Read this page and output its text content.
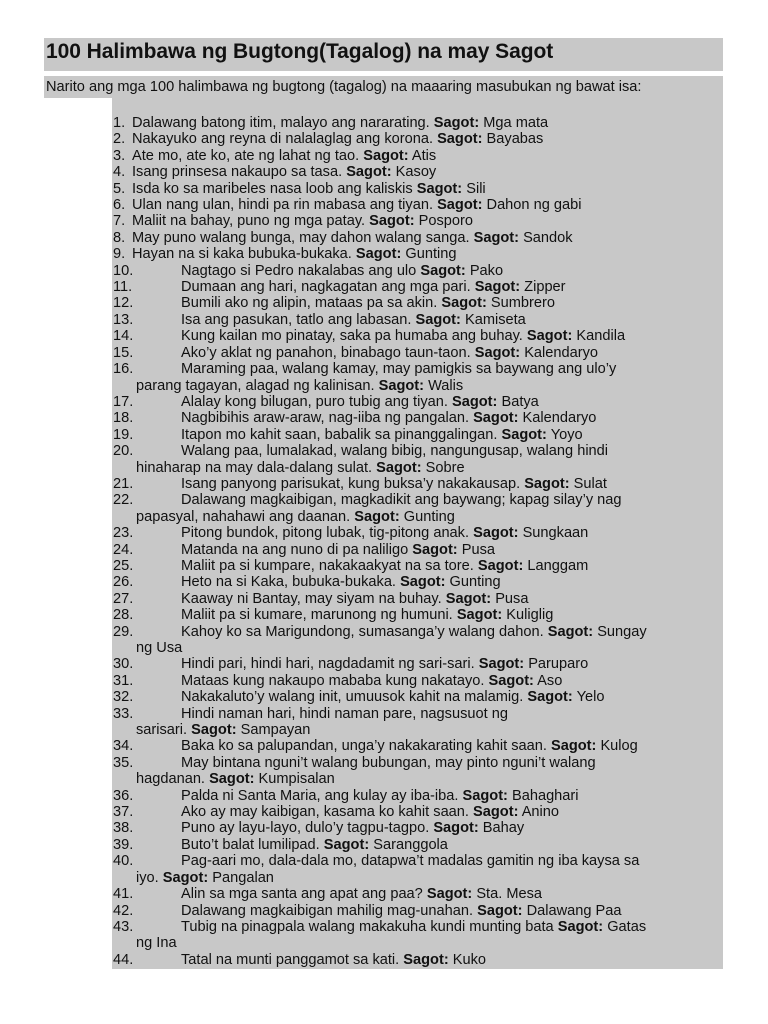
100 Halimbawa ng Bugtong(Tagalog) na may Sagot
Narito ang mga 100 halimbawa ng bugtong (tagalog) na maaaring masubukan ng bawat isa:
1. Dalawang batong itim, malayo ang nararating. Sagot: Mga mata
2. Nakayuko ang reyna di nalalaglag ang korona. Sagot: Bayabas
3. Ate mo, ate ko, ate ng lahat ng tao. Sagot: Atis
4. Isang prinsesa nakaupo sa tasa. Sagot: Kasoy
5. Isda ko sa maribeles nasa loob ang kaliskis Sagot: Sili
6. Ulan nang ulan, hindi pa rin mabasa ang tiyan. Sagot: Dahon ng gabi
7. Maliit na bahay, puno ng mga patay. Sagot: Posporo
8. May puno walang bunga, may dahon walang sanga. Sagot: Sandok
9. Hayan na si kaka bubuka-bukaka. Sagot: Gunting
10.	Nagtago si Pedro nakalabas ang ulo Sagot: Pako
11.	Dumaan ang hari, nagkagatan ang mga pari. Sagot: Zipper
12.	Bumili ako ng alipin, mataas pa sa akin. Sagot: Sumbrero
13.	Isa ang pasukan, tatlo ang labasan. Sagot: Kamiseta
14.	Kung kailan mo pinatay, saka pa humaba ang buhay. Sagot: Kandila
15.	Ako’y aklat ng panahon, binabago taun-taon. Sagot: Kalendaryo
16.	Maraming paa, walang kamay, may pamigkis sa baywang ang ulo’y
parang tagayan, alagad ng kalinisan. Sagot: Walis
17.	Alalay kong bilugan, puro tubig ang tiyan. Sagot: Batya
18.	Nagbibihis araw-araw, nag-iiba ng pangalan. Sagot: Kalendaryo
19.	Itapon mo kahit saan, babalik sa pinanggalingan. Sagot: Yoyo
20.	Walang paa, lumalakad, walang bibig, nangungusap, walang hindi
hinaharap na may dala-dalang sulat. Sagot: Sobre
21.	Isang panyong parisukat, kung buksa’y nakakausap. Sagot: Sulat
22.	Dalawang magkaibigan, magkadikit ang baywang; kapag silay’y nag
papasyal, nahahawi ang daanan. Sagot: Gunting
23.	Pitong bundok, pitong lubak, tig-pitong anak. Sagot: Sungkaan
24.	Matanda na ang nuno di pa naliligo Sagot: Pusa
25.	Maliit pa si kumpare, nakakaakyat na sa tore. Sagot: Langgam
26.	Heto na si Kaka, bubuka-bukaka. Sagot: Gunting
27.	Kaaway ni Bantay, may siyam na buhay. Sagot: Pusa
28.	Maliit pa si kumare, marunong ng humuni. Sagot: Kuliglig
29.	Kahoy ko sa Marigundong, sumasanga’y walang dahon. Sagot: Sungay
ng Usa
30.	Hindi pari, hindi hari, nagdadamit ng sari-sari. Sagot: Paruparo
31.	Mataas kung nakaupo mababa kung nakatayo. Sagot: Aso
32.	Nakakaluto’y walang init, umuusok kahit na malamig. Sagot: Yelo
33.	Hindi naman hari, hindi naman pare, nagsusuot ng
sarisari. Sagot: Sampayan
34.	Baka ko sa palupandan, unga’y nakakarating kahit saan. Sagot: Kulog
35.	May bintana nguni’t walang bubungan, may pinto nguni’t walang
hagdanan. Sagot: Kumpisalan
36.	Palda ni Santa Maria, ang kulay ay iba-iba. Sagot: Bahaghari
37.	Ako ay may kaibigan, kasama ko kahit saan. Sagot: Anino
38.	Puno ay layu-layo, dulo’y tagpu-tagpo. Sagot: Bahay
39.	Buto’t balat lumilipad. Sagot: Saranggola
40.	Pag-aari mo, dala-dala mo, datapwa’t madalas gamitin ng iba kaysa sa
iyo. Sagot: Pangalan
41.	Alin sa mga santa ang apat ang paa? Sagot: Sta. Mesa
42.	Dalawang magkaibigan mahilig mag-unahan. Sagot: Dalawang Paa
43.	Tubig na pinagpala walang makakuha kundi munting bata Sagot: Gatas
ng Ina
44.	Tatal na munti panggamot sa kati. Sagot: Kuko
